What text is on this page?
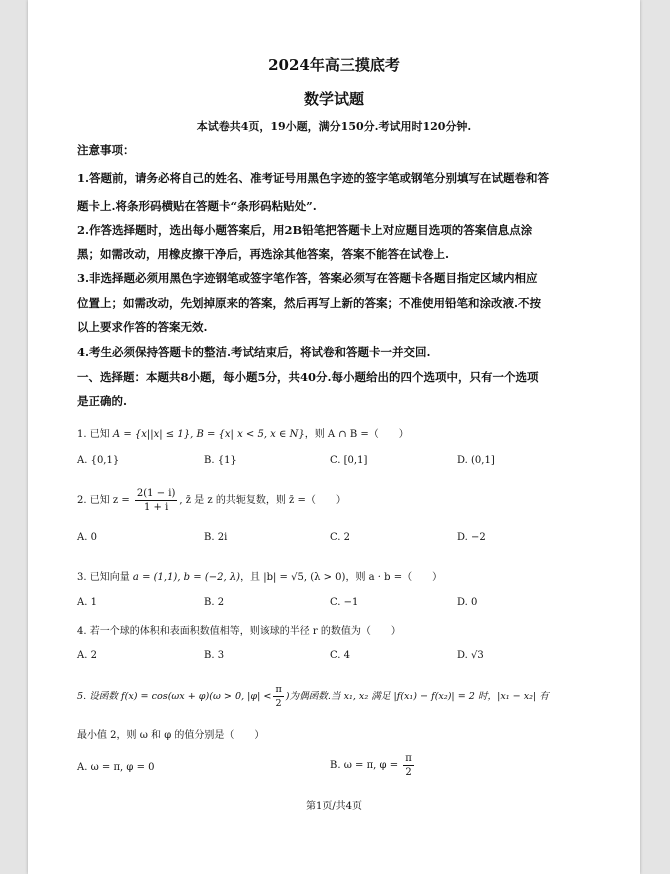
2024年高三摸底考
数学试题
本试卷共4页，19小题，满分150分.考试用时120分钟.
注意事项：
1.答题前，请务必将自己的姓名、准考证号用黑色字迹的签字笔或钢笔分别填写在试题卷和答
题卡上.将条形码横贴在答题卡“条形码粘贴处”.
2.作答选择题时，选出每小题答案后，用2B铅笔把答题卡上对应题目选项的答案信息点涂
黑；如需改动，用橡皮擦干净后，再选涂其他答案，答案不能答在试卷上.
3.非选择题必须用黑色字迹钢笔或签字笔作答，答案必须写在答题卡各题目指定区域内相应
位置上；如需改动，先划掉原来的答案，然后再写上新的答案；不准使用铅笔和涂改液.不按
以上要求作答的答案无效.
4.考生必须保持答题卡的整洁.考试结束后，将试卷和答题卡一并交回.
一、选择题：本题共8小题，每小题5分，共40分.每小题给出的四个选项中，只有一个选项
是正确的.
1. 已知 A = {x||x| ≤ 1}, B = {x| x < 5, x ∈ N}，则 A ∩ B =（　　）
A. {0,1}	B. {1}	C. [0,1]	D. (0,1]
2. 已知 $z = \frac{2(1 - i)}{1 + i}$ , z̄ 是 z 的共轭复数，则 z̄ =（　　）
A. 0	B. 2i	C. 2	D. −2
3. 已知向量 a = (1,1), b = (−2, λ)，且 |b| = √5, (λ > 0)，则 a · b =（　　）
A. 1	B. 2	C. −1	D. 0
4. 若一个球的体积和表面积数值相等，则该球的半径 r 的数值为（　　）
A. 2	B. 3	C. 4	D. √3
5. 设函数 f(x) = cos(ωx + φ)(ω > 0, $|\varphi| < \frac{\pi}{2}$ )为偶函数.当 x₁, x₂ 满足 |f(x₁) − f(x₂)| = 2 时，|x₁ − x₂| 有
最小值 2，则 ω 和 φ 的值分别是（　　）
A. ω = π, φ = 0	B. ω = π, $\varphi = \frac{\pi}{2}$
第1页/共4页
